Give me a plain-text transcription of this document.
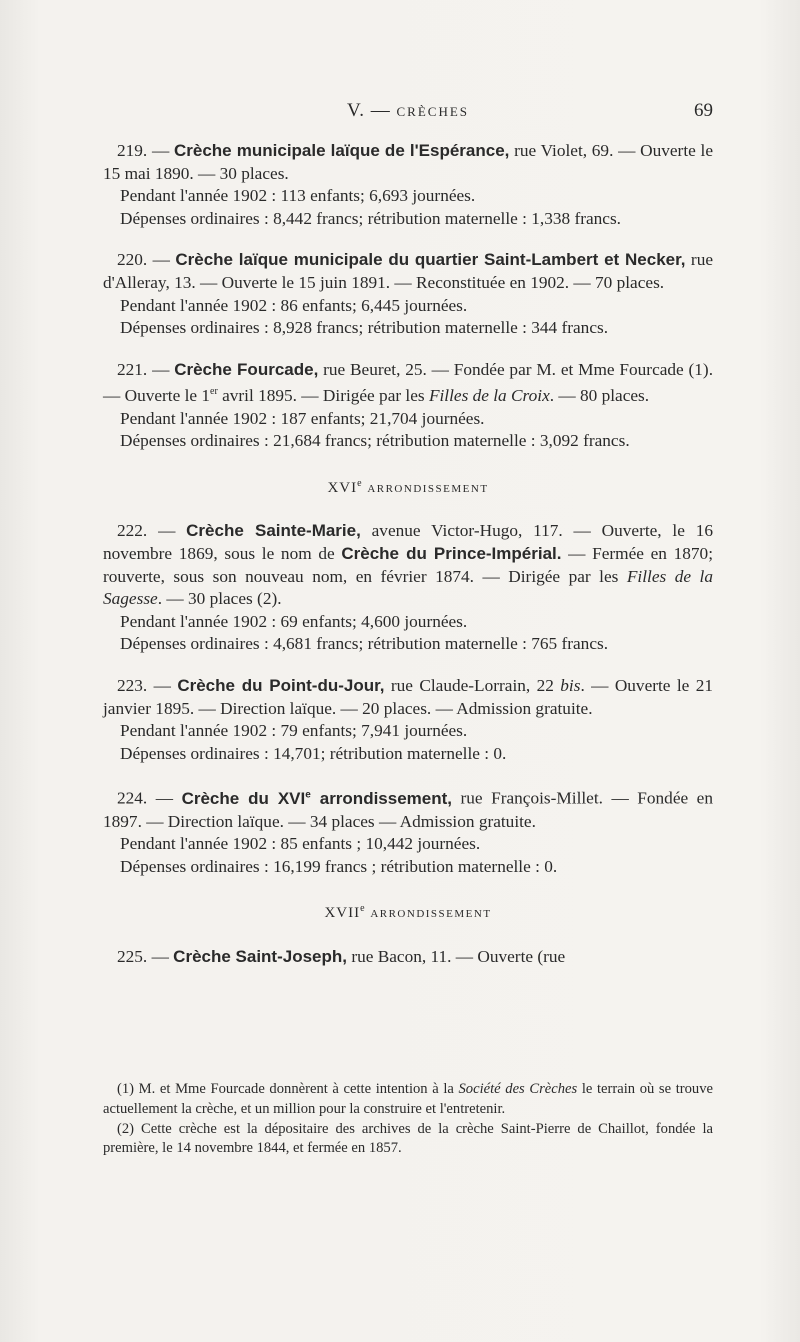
V. — CRÈCHES	69

219. — Crèche municipale laïque de l'Espérance, rue Violet, 69. — Ouverte le 15 mai 1890. — 30 places.

Pendant l'année 1902 : 113 enfants; 6,693 journées.

Dépenses ordinaires : 8,442 francs; rétribution maternelle : 1,338 francs.

220. — Crèche laïque municipale du quartier Saint-Lambert et Necker, rue d'Alleray, 13. — Ouverte le 15 juin 1891. — Reconstituée en 1902. — 70 places.

Pendant l'année 1902 : 86 enfants; 6,445 journées.

Dépenses ordinaires : 8,928 francs; rétribution maternelle : 344 francs.

221. — Crèche Fourcade, rue Beuret, 25. — Fondée par M. et Mme Fourcade (1). — Ouverte le 1er avril 1895. — Dirigée par les Filles de la Croix. — 80 places.

Pendant l'année 1902 : 187 enfants; 21,704 journées.

Dépenses ordinaires : 21,684 francs; rétribution maternelle : 3,092 francs.

XVIe ARRONDISSEMENT

222. — Crèche Sainte-Marie, avenue Victor-Hugo, 117. — Ouverte, le 16 novembre 1869, sous le nom de Crèche du Prince-Impérial. — Fermée en 1870; rouverte, sous son nouveau nom, en février 1874. — Dirigée par les Filles de la Sagesse. — 30 places (2).

Pendant l'année 1902 : 69 enfants; 4,600 journées.

Dépenses ordinaires : 4,681 francs; rétribution maternelle : 765 francs.

223. — Crèche du Point-du-Jour, rue Claude-Lorrain, 22 bis. — Ouverte le 21 janvier 1895. — Direction laïque. — 20 places. — Admission gratuite.

Pendant l'année 1902 : 79 enfants; 7,941 journées.

Dépenses ordinaires : 14,701; rétribution maternelle : 0.

224. — Crèche du XVIe arrondissement, rue François-Millet. — Fondée en 1897. — Direction laïque. — 34 places — Admission gratuite.

Pendant l'année 1902 : 85 enfants ; 10,442 journées.

Dépenses ordinaires : 16,199 francs ; rétribution maternelle : 0.

XVIIe ARRONDISSEMENT

225. — Crèche Saint-Joseph, rue Bacon, 11. — Ouverte (rue

(1) M. et Mme Fourcade donnèrent à cette intention à la Société des Crèches le terrain où se trouve actuellement la crèche, et un million pour la construire et l'entretenir.

(2) Cette crèche est la dépositaire des archives de la crèche Saint-Pierre de Chaillot, fondée la première, le 14 novembre 1844, et fermée en 1857.
